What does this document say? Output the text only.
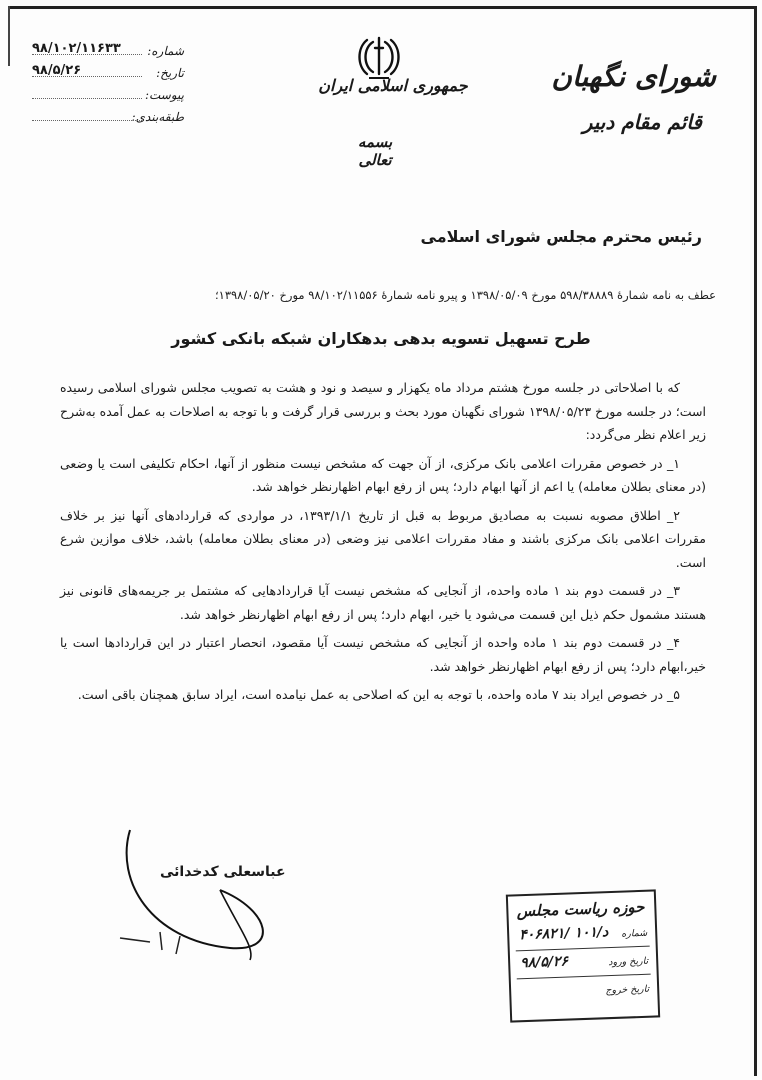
شماره:
۹۸/۱۰۲/۱۱۶۳۳
تاریخ:
۹۸/۵/۲۶
پیوست:
طبقه‌بندی:
جمهوری اسلامی ایران
بسمه تعالی
شورای نگهبان
قائم مقام دبیر
رئیس محترم مجلس شورای اسلامی
عطف به نامه شمارهٔ ۵۹۸/۳۸۸۸۹ مورخ ۱۳۹۸/۰۵/۰۹ و پیرو نامه شمارهٔ ۹۸/۱۰۲/۱۱۵۵۶ مورخ ۱۳۹۸/۰۵/۲۰؛
طرح تسهیل تسویه بدهی بدهکاران شبکه بانکی کشور

که با اصلاحاتی در جلسه مورخ هشتم مرداد ماه یکهزار و سیصد و نود و هشت به تصویب مجلس شورای اسلامی رسیده است؛ در جلسه مورخ ۱۳۹۸/۰۵/۲۳ شورای نگهبان مورد بحث و بررسی قرار گرفت و با توجه به اصلاحات به عمل آمده به‌شرح زیر اعلام نظر می‌گردد:

۱_ در خصوص مقررات اعلامی بانک مرکزی، از آن جهت که مشخص نیست منظور از آنها، احکام تکلیفی است یا وضعی (در معنای بطلان معامله) یا اعم از آنها ابهام دارد؛ پس از رفع ابهام اظهارنظر خواهد شد.

۲_ اطلاق مصوبه نسبت به مصادیق مربوط به قبل از تاریخ ۱۳۹۳/۱/۱، در مواردی که قراردادهای آنها نیز بر خلاف مقررات اعلامی بانک مرکزی باشند و مفاد مقررات اعلامی نیز وضعی (در معنای بطلان معامله) باشد، خلاف موازین شرع است.

۳_ در قسمت دوم بند ۱ ماده واحده، از آنجایی که مشخص نیست آیا قراردادهایی که مشتمل بر جریمه‌های قانونی نیز هستند مشمول حکم ذیل این قسمت می‌شود یا خیر، ابهام دارد؛ پس از رفع ابهام اظهارنظر خواهد شد.

۴_ در قسمت دوم بند ۱ ماده واحده از آنجایی که مشخص نیست آیا مقصود، انحصار اعتبار در این قراردادها است یا خیر،ابهام دارد؛ پس از رفع ابهام اظهارنظر خواهد شد.

۵_ در خصوص ایراد بند ۷ ماده واحده، با توجه به این که اصلاحی به عمل نیامده است، ایراد سابق همچنان باقی است.

عباسعلی کدخدائی
حوزه ریاست مجلس
شماره
۴۰۶۸۲۱/ ۱۰۱/د
تاریخ ورود
۹۸/۵/۲۶
تاریخ خروج
